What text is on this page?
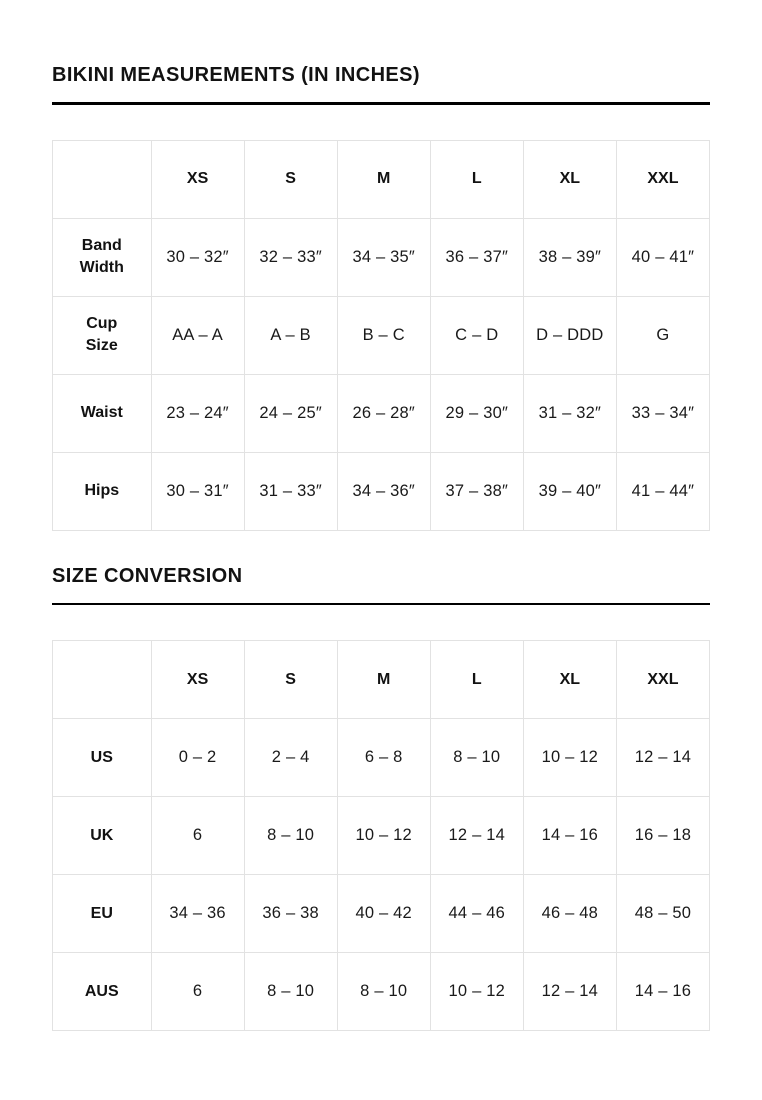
BIKINI MEASUREMENTS (IN INCHES)
	XS	S	M	L	XL	XXL
Band Width	30 – 32″	32 – 33″	34 – 35″	36 – 37″	38 – 39″	40 – 41″
Cup Size	AA – A	A – B	B – C	C – D	D – DDD	G
Waist	23 – 24″	24 – 25″	26 – 28″	29 – 30″	31 – 32″	33 – 34″
Hips	30 – 31″	31 – 33″	34 – 36″	37 – 38″	39 – 40″	41 – 44″
SIZE CONVERSION
	XS	S	M	L	XL	XXL
US	0 – 2	2 – 4	6 – 8	8 – 10	10 – 12	12 – 14
UK	6	8 – 10	10 – 12	12 – 14	14 – 16	16 – 18
EU	34 – 36	36 – 38	40 – 42	44 – 46	46 – 48	48 – 50
AUS	6	8 – 10	8 – 10	10 – 12	12 – 14	14 – 16
